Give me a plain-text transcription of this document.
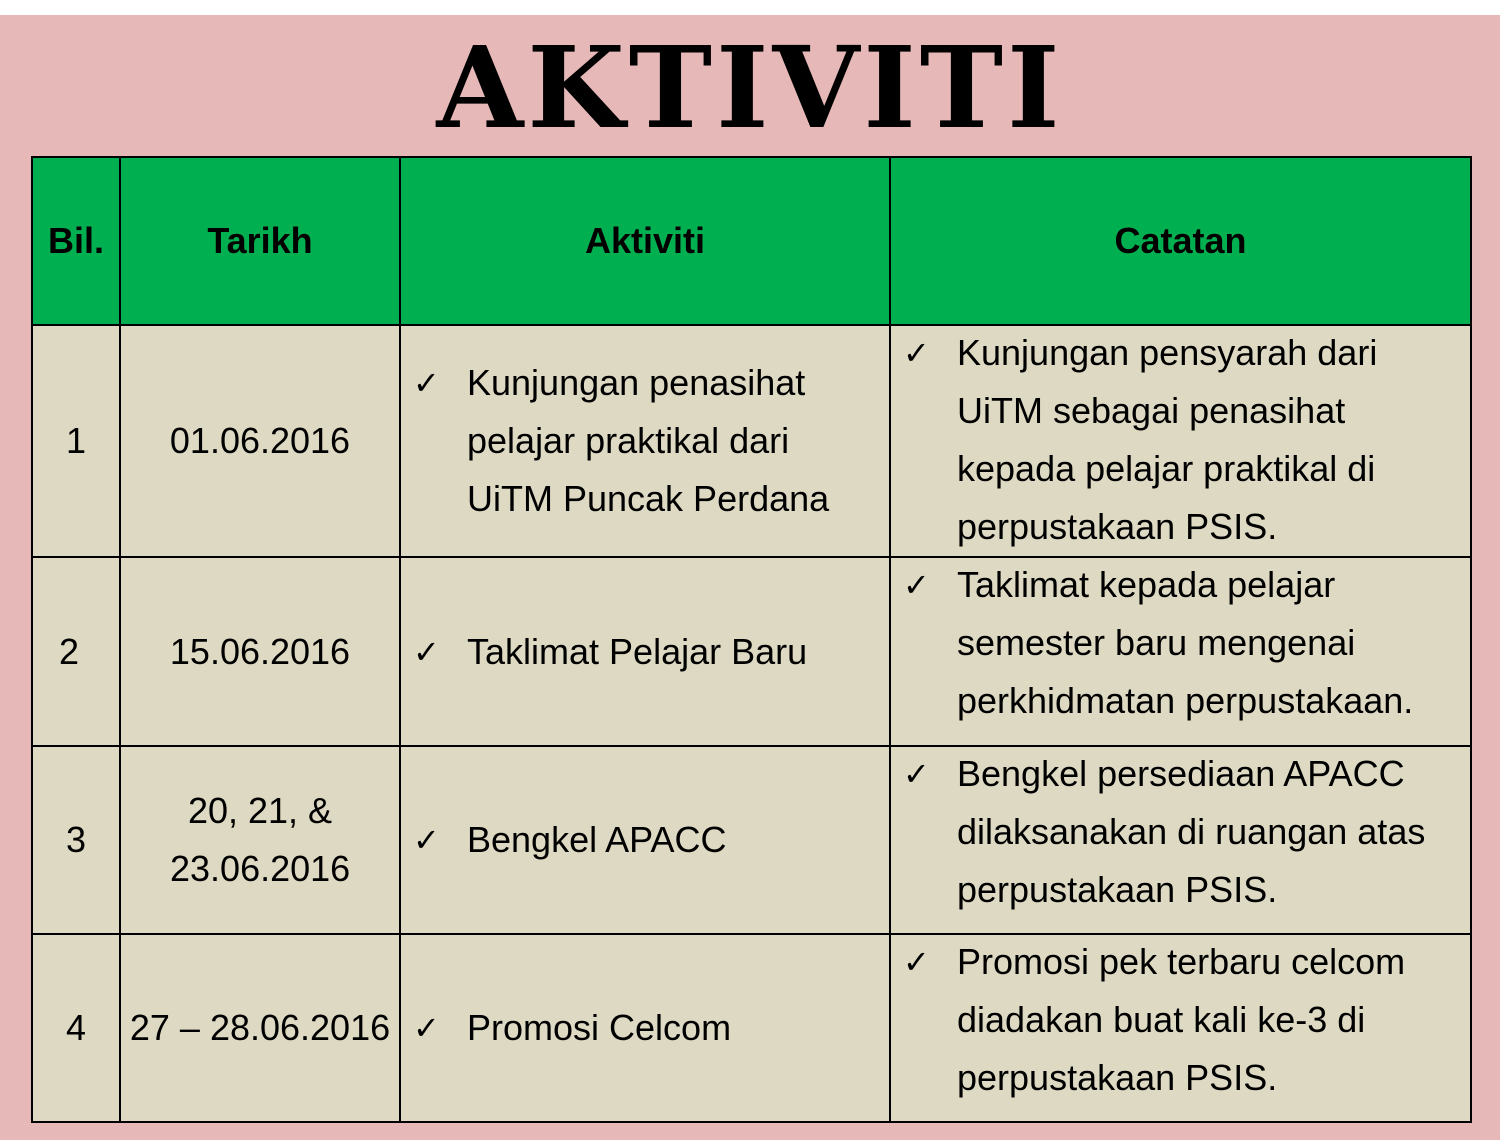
AKTIVITI
Bil.	Tarikh	Aktiviti	Catatan
1	01.06.2016	✓ Kunjungan penasihat pelajar praktikal dari UiTM Puncak Perdana	✓ Kunjungan pensyarah dari UiTM sebagai penasihat kepada pelajar praktikal di perpustakaan PSIS.

2	15.06.2016	✓ Taklimat Pelajar Baru	✓ Taklimat kepada pelajar semester baru mengenai perkhidmatan perpustakaan.

3	20, 21, & 23.06.2016	✓ Bengkel APACC	✓ Bengkel persediaan APACC dilaksanakan di ruangan atas perpustakaan PSIS.

4	27 – 28.06.2016	✓ Promosi Celcom	✓ Promosi pek terbaru celcom diadakan buat kali ke-3 di perpustakaan PSIS.
